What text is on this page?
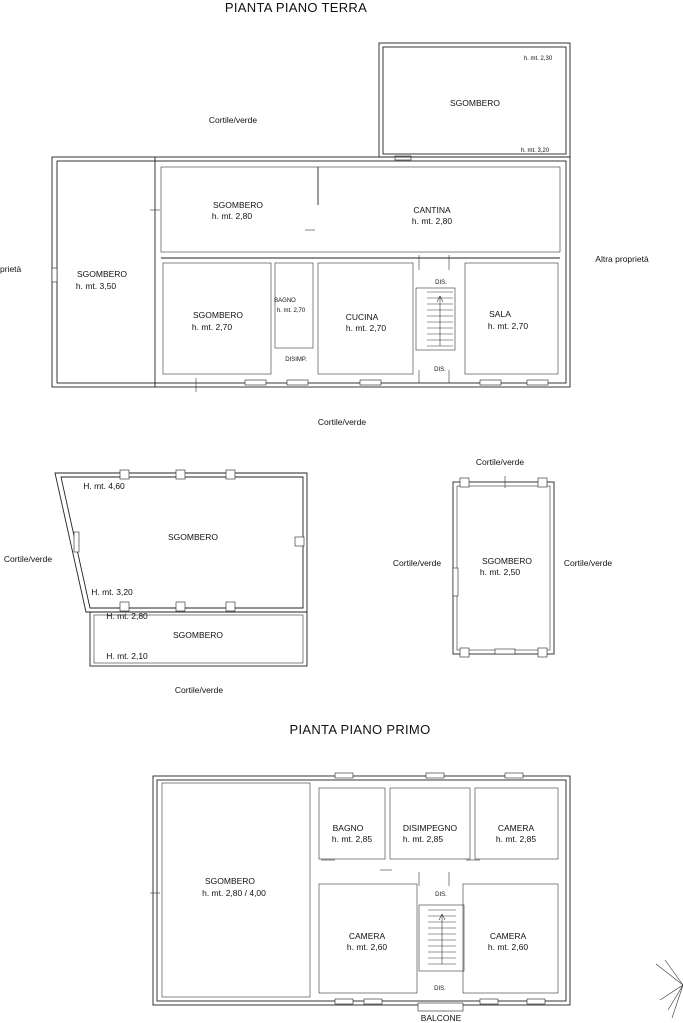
PIANTA PIANO TERRA
SGOMBERO
h. mt. 2,30
h. mt. 3,20
Cortile/verde
SGOMBERO
h. mt. 2,80
CANTINA
h. mt. 2,80
SGOMBERO
h. mt. 3,50
SGOMBERO
h. mt. 2,70
BAGNO
h. mt. 2,70
CUCINA
h. mt. 2,70
SALA
h. mt. 2,70
DIS.
DIS.
DISIMP.
Altra proprietà
prietà
Cortile/verde
SGOMBERO
H. mt. 4,60
H. mt. 3,20
SGOMBERO
H. mt. 2,80
H. mt. 2,10
Cortile/verde
Cortile/verde
SGOMBERO
h. mt. 2,50
Cortile/verde
Cortile/verde	Cortile/verde
PIANTA PIANO PRIMO
SGOMBERO
h. mt. 2,80 / 4,00
BAGNO
h. mt. 2,85
DISIMPEGNO
h. mt. 2,85
CAMERA
h. mt. 2,85
CAMERA
h. mt. 2,60
CAMERA
h. mt. 2,60
DIS.
DIS.
BALCONE
